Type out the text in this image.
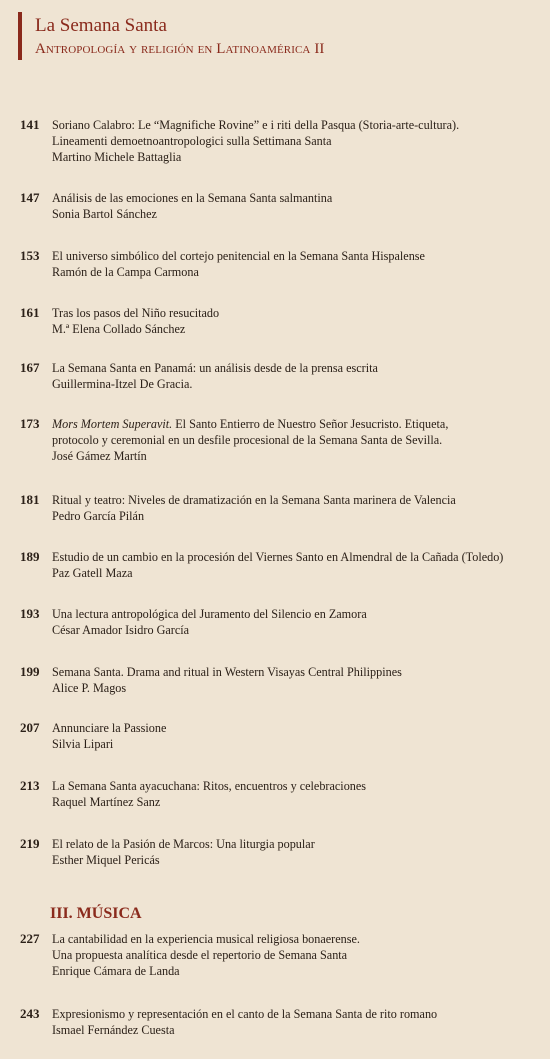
La Semana Santa
Antropología y religión en Latinoamérica II
141 Soriano Calabro: Le “Magnifiche Rovine” e i riti della Pasqua (Storia-arte-cultura).
Lineamenti demoetnoantropologici sulla Settimana Santa
Martino Michele Battaglia
147 Análisis de las emociones en la Semana Santa salmantina
Sonia Bartol Sánchez
153 El universo simbólico del cortejo penitencial en la Semana Santa Hispalense
Ramón de la Campa Carmona
161 Tras los pasos del Niño resucitado
M.ª Elena Collado Sánchez
167 La Semana Santa en Panamá: un análisis desde de la prensa escrita
Guillermina-Itzel De Gracia.
173 Mors Mortem Superavit. El Santo Entierro de Nuestro Señor Jesucristo. Etiqueta,
protocolo y ceremonial en un desfile procesional de la Semana Santa de Sevilla.
José Gámez Martín
181 Ritual y teatro: Niveles de dramatización en la Semana Santa marinera de Valencia
Pedro García Pilán
189 Estudio de un cambio en la procesión del Viernes Santo en Almendral de la Cañada (Toledo)
Paz Gatell Maza
193 Una lectura antropológica del Juramento del Silencio en Zamora
César Amador Isidro García
199 Semana Santa. Drama and ritual in Western Visayas Central Philippines
Alice P. Magos
207 Annunciare la Passione
Silvia Lipari
213 La Semana Santa ayacuchana: Ritos, encuentros y celebraciones
Raquel Martínez Sanz
219 El relato de la Pasión de Marcos: Una liturgia popular
Esther Miquel Pericás
III. MÚSICA
227 La cantabilidad en la experiencia musical religiosa bonaerense.
Una propuesta analítica desde el repertorio de Semana Santa
Enrique Cámara de Landa
243 Expresionismo y representación en el canto de la Semana Santa de rito romano
Ismael Fernández Cuesta
